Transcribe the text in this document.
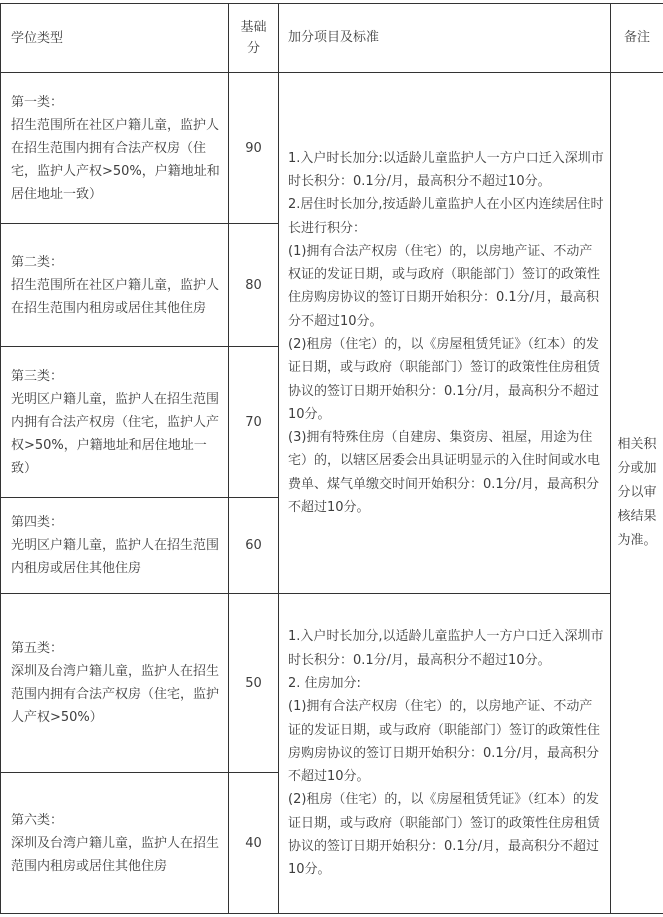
学位类型	基础分	加分项目及标准	备注

第一类：
招生范围所在社区户籍儿童，监护人在招生范围内拥有合法产权房（住宅，监护人产权>50%，户籍地址和居住地址一致）	90	1.入户时长加分:以适龄儿童监护人一方户口迁入深圳市时长积分：0.1分/月，最高积分不超过10分。
2.居住时长加分,按适龄儿童监护人在小区内连续居住时长进行积分：
(1)拥有合法产权房（住宅）的，以房地产证、不动产权证的发证日期，或与政府（职能部门）签订的政策性住房购房协议的签订日期开始积分：0.1分/月，最高积分不超过10分。
(2)租房（住宅）的，以《房屋租赁凭证》（红本）的发证日期，或与政府（职能部门）签订的政策性住房租赁协议的签订日期开始积分：0.1分/月，最高积分不超过10分。
(3)拥有特殊住房（自建房、集资房、祖屋，用途为住宅）的，以辖区居委会出具证明显示的入住时间或水电费单、煤气单缴交时间开始积分：0.1分/月，最高积分不超过10分。	相关积分或加分以审核结果为准。

第二类：
招生范围所在社区户籍儿童，监护人在招生范围内租房或居住其他住房	80		

第三类：
光明区户籍儿童，监护人在招生范围内拥有合法产权房（住宅，监护人产权>50%，户籍地址和居住地址一致）	70		

第四类：
光明区户籍儿童，监护人在招生范围内租房或居住其他住房	60		

第五类：
深圳及台湾户籍儿童，监护人在招生范围内拥有合法产权房（住宅，监护人产权>50%）	50	1.入户时长加分,以适龄儿童监护人一方户口迁入深圳市时长积分：0.1分/月，最高积分不超过10分。
2. 住房加分:
(1)拥有合法产权房（住宅）的，以房地产证、不动产证的发证日期，或与政府（职能部门）签订的政策性住房购房协议的签订日期开始积分：0.1分/月，最高积分不超过10分。
(2)租房（住宅）的，以《房屋租赁凭证》（红本）的发证日期，或与政府（职能部门）签订的政策性住房租赁协议的签订日期开始积分：0.1分/月，最高积分不超过10分。	

第六类：
深圳及台湾户籍儿童，监护人在招生范围内租房或居住其他住房	40		
